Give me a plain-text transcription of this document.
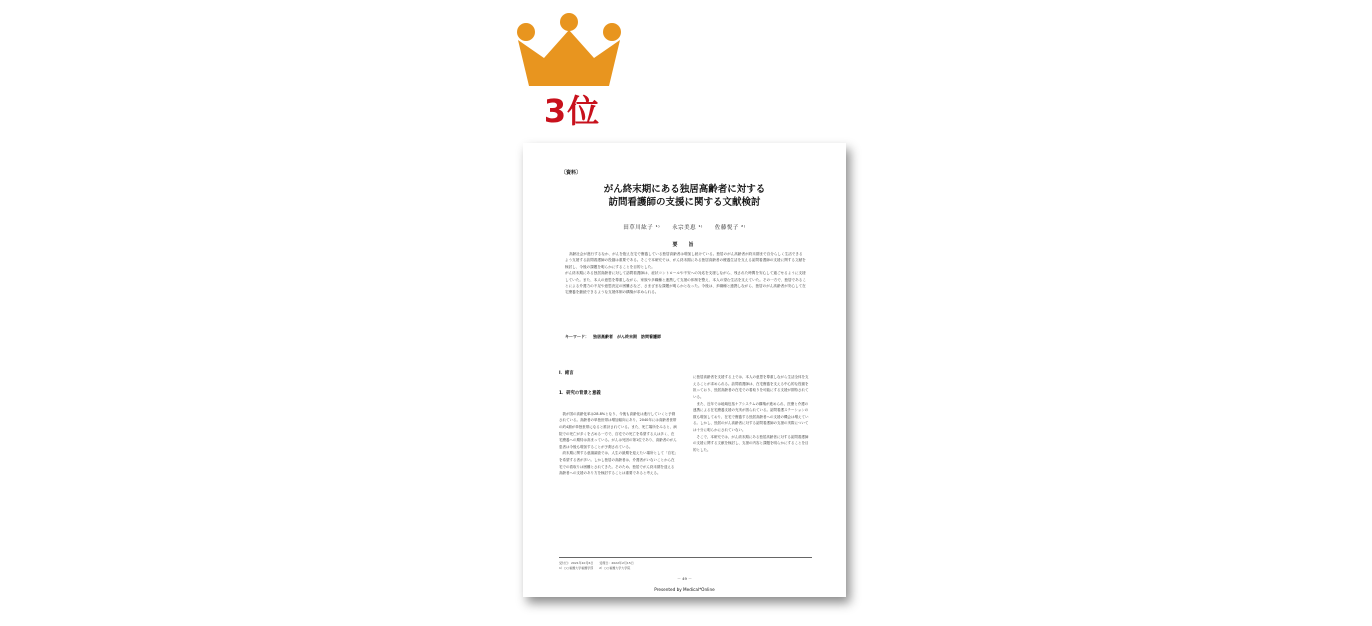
3位
〔資料〕
がん終末期にある独居高齢者に対する
訪問看護師の支援に関する文献検討
田草川紘子 ¹⁾　　永宗美恵 ¹⁾　　佐藤悦子 ²⁾
要　旨
高齢社会が進行するなか、がんを抱え在宅で療養している独居高齢者は増加し続けている。独居のがん高齢者が終末期まで自分らしく生活できるよう支援する訪問看護師の役割は重要である。そこで本研究では、がん終末期にある独居高齢者の療養生活を支える訪問看護師の支援に関する文献を検討し、今後の課題を明らかにすることを目的とした。
がん終末期にある独居高齢者に対して訪問看護師は、症状コントロールや不安への対応を支援しながら、残された時間を安心して過ごせるように支援していた。また、本人の意思を尊重しながら、家族や多職種と連携して支援の体制を整え、本人の望む生活を支えていた。その一方で、独居であることによる介護力の不足や意思決定の困難さなど、さまざまな課題が明らかとなった。今後は、多職種と連携しながら、独居のがん高齢者が安心して在宅療養を継続できるような支援体制の構築が求められる。
キーワード：　独居高齢者　がん終末期　訪問看護師

Ⅰ．緒言

1．研究の背景と意義

　我が国の高齢化率は28.8%となり、今後も高齢化は進行していくと予測されている。高齢者の単独世帯は増加傾向にあり、2040年には高齢者世帯の約4割が単独世帯になると推計されている。また、死亡場所をみると、病院での死亡が多くを占める一方で、自宅での死亡を希望する人は多く、在宅療養への期待は高まっている。がんは死因の第1位であり、高齢者のがん患者は今後も増加することが予測されている。
　終末期に関する意識調査では、人生の最期を迎えたい場所として「自宅」を希望する者が多い。しかし独居の高齢者は、介護者がいないことから在宅での看取りは困難とされてきた。そのため、独居でがん終末期を迎える高齢者への支援のあり方を検討することは重要であると考える。

に独居高齢者を支援する上では、本人の意思を尊重しながら生活全体を支えることが求められる。訪問看護師は、在宅療養を支える中心的な役割を担っており、独居高齢者の在宅での看取りを可能にする支援が期待されている。
　また、近年では地域包括ケアシステムの構築が進められ、医療と介護の連携による在宅療養支援の充実が図られている。訪問看護ステーションの数も増加しており、在宅で療養する独居高齢者への支援の機会は増えている。しかし、独居のがん高齢者に対する訪問看護師の支援の実際については十分に明らかにされていない。
　そこで、本研究では、がん終末期にある独居高齢者に対する訪問看護師の支援に関する文献を検討し、支援の内容と課題を明らかにすることを目的とした。

受付日：2021年10月6日　　受理日：2022年2月15日
1）○○看護大学看護学部　　2）○○看護大学大学院
－ 49 －
Presented by Medical*Online
